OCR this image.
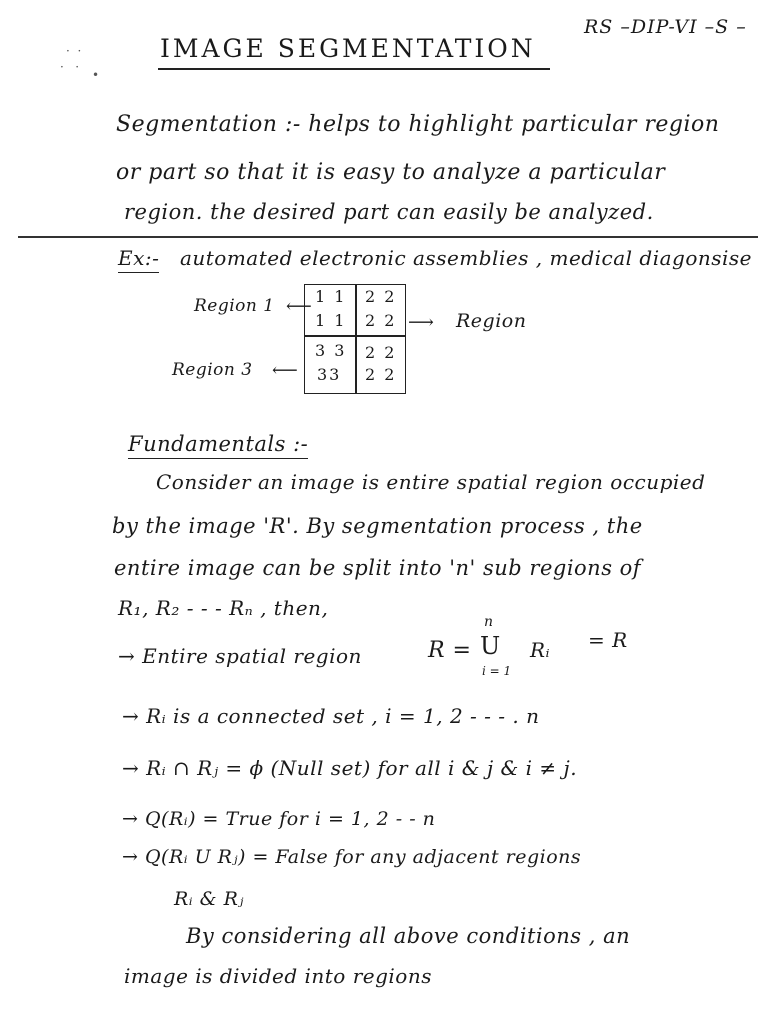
·  ·
·   ·
•
RS –DIP-VI –S –
IMAGE SEGMENTATION
Segmentation :- helps to highlight particular region
or part so that it is easy to analyze a particular
region. the desired part can easily be analyzed.
Ex:- automated electronic assemblies , medical diagonsise
Region 1 ⟵
⟶ Region
Region 3 ⟵
1 1 2 2
1 1 2 2
3 3 2 2
33 2 2
Fundamentals :-
Consider an image is entire spatial region occupied
by the image 'R'. By segmentation process , the
entire image can be split into 'n' sub regions of
R₁, R₂ - - - Rₙ , then,
→ Entire spatial region	R =
n
U
i = 1
Rᵢ = R
→ Rᵢ is a connected set , i = 1, 2 - - - . n
→ Rᵢ ∩ Rⱼ = ϕ (Null set) for all i & j & i ≠ j.
→ Q(Rᵢ) = True for i = 1, 2 - - n
→ Q(Rᵢ U Rⱼ) = False for any adjacent regions
Rᵢ & Rⱼ
By considering all above conditions , an
image is divided into regions
